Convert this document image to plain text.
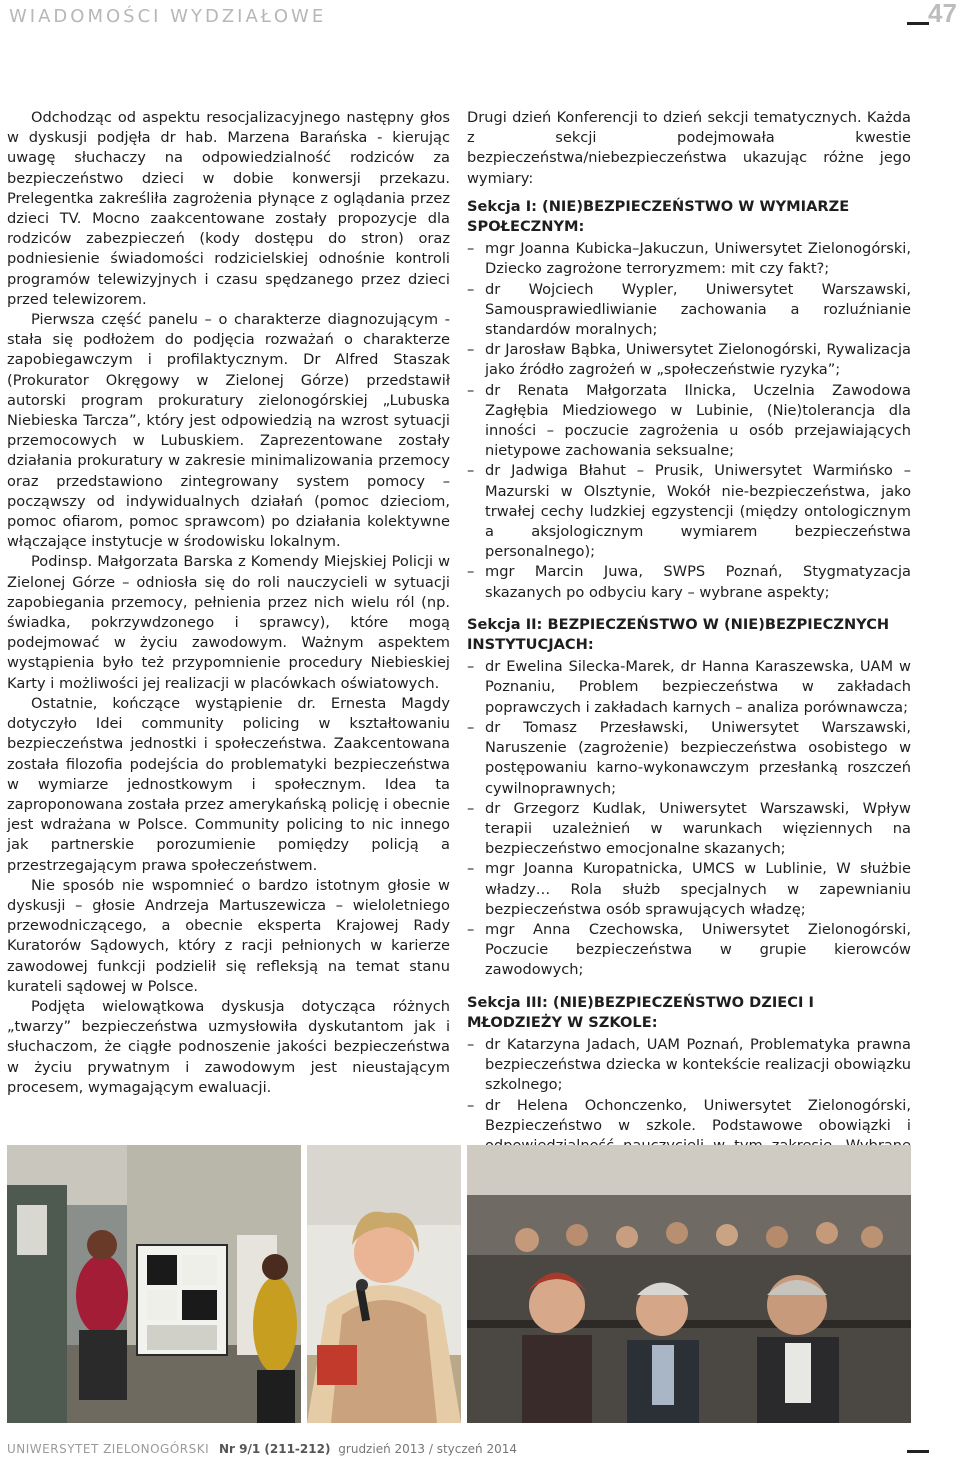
WIADOMOŚCI WYDZIAŁOWE	47

Odchodząc od aspektu resocjalizacyjnego następny głos w dyskusji podjęła dr hab. Marzena Barańska - kierując uwagę słuchaczy na odpowiedzialność rodziców za bezpieczeństwo dzieci w dobie konwersji przekazu. Prelegentka zakreśliła zagrożenia płynące z oglądania przez dzieci TV. Mocno zaakcentowane zostały propozycje dla rodziców zabezpieczeń (kody dostępu do stron) oraz podniesienie świadomości rodzicielskiej odnośnie kontroli programów telewizyjnych i czasu spędzanego przez dzieci przed telewizorem.

Pierwsza część panelu – o charakterze diagnozującym - stała się podłożem do podjęcia rozważań o charakterze zapobiegawczym i profilaktycznym. Dr Alfred Staszak (Prokurator Okręgowy w Zielonej Górze) przedstawił autorski program prokuratury zielonogórskiej „Lubuska Niebieska Tarcza”, który jest odpowiedzią na wzrost sytuacji przemocowych w Lubuskiem. Zaprezentowane zostały działania prokuratury w zakresie minimalizowania przemocy oraz przedstawiono zintegrowany system pomocy – począwszy od indywidualnych działań (pomoc dzieciom, pomoc ofiarom, pomoc sprawcom) po działania kolektywne włączające instytucje w środowisku lokalnym.

Podinsp. Małgorzata Barska z Komendy Miejskiej Policji w Zielonej Górze – odniosła się do roli nauczycieli w sytuacji zapobiegania przemocy, pełnienia przez nich wielu ról (np. świadka, pokrzywdzonego i sprawcy), które mogą podejmować w życiu zawodowym. Ważnym aspektem wystąpienia było też przypomnienie procedury Niebieskiej Karty i możliwości jej realizacji w placówkach oświatowych.

Ostatnie, kończące wystąpienie dr. Ernesta Magdy dotyczyło Idei community policing w kształtowaniu bezpieczeństwa jednostki i społeczeństwa. Zaakcentowana została filozofia podejścia do problematyki bezpieczeństwa w wymiarze jednostkowym i społecznym. Idea ta zaproponowana została przez amerykańską policję i obecnie jest wdrażana w Polsce. Community policing to nic innego jak partnerskie porozumienie pomiędzy policją a przestrzegającym prawa społeczeństwem.

Nie sposób nie wspomnieć o bardzo istotnym głosie w dyskusji – głosie Andrzeja Martuszewicza – wieloletniego przewodniczącego, a obecnie eksperta Krajowej Rady Kuratorów Sądowych, który z racji pełnionych w karierze zawodowej funkcji podzielił się refleksją na temat stanu kurateli sądowej w Polsce.

Podjęta wielowątkowa dyskusja dotycząca różnych „twarzy” bezpieczeństwa uzmysłowiła dyskutantom jak i słuchaczom, że ciągłe podnoszenie jakości bezpieczeństwa w życiu prywatnym i zawodowym jest nieustającym procesem, wymagającym ewaluacji.

Drugi dzień Konferencji to dzień sekcji tematycznych. Każda z sekcji podejmowała kwestie bezpieczeństwa/niebezpieczeństwa ukazując różne jego wymiary:

Sekcja I: (NIE)BEZPIECZEŃSTWO W WYMIARZE SPOŁECZNYM:
– mgr Joanna Kubicka–Jakuczun, Uniwersytet Zielonogórski, Dziecko zagrożone terroryzmem: mit czy fakt?;
– dr Wojciech Wypler, Uniwersytet Warszawski, Samousprawiedliwianie zachowania a rozluźnianie standardów moralnych;
– dr Jarosław Bąbka, Uniwersytet Zielonogórski, Rywalizacja jako źródło zagrożeń w „społeczeństwie ryzyka”;
– dr Renata Małgorzata Ilnicka, Uczelnia Zawodowa Zagłębia Miedziowego w Lubinie, (Nie)tolerancja dla inności – poczucie zagrożenia u osób przejawiających nietypowe zachowania seksualne;
– dr Jadwiga Błahut – Prusik, Uniwersytet Warmińsko – Mazurski w Olsztynie, Wokół nie-bezpieczeństwa, jako trwałej cechy ludzkiej egzystencji (między ontologicznym a aksjologicznym wymiarem bezpieczeństwa personalnego);
– mgr Marcin Juwa, SWPS Poznań, Stygmatyzacja skazanych po odbyciu kary – wybrane aspekty;
Sekcja II: BEZPIECZEŃSTWO W (NIE)BEZPIECZNYCH INSTYTUCJACH:
– dr Ewelina Silecka-Marek, dr Hanna Karaszewska, UAM w Poznaniu, Problem bezpieczeństwa w zakładach poprawczych i zakładach karnych – analiza porównawcza;
– dr Tomasz Przesławski, Uniwersytet Warszawski, Naruszenie (zagrożenie) bezpieczeństwa osobistego w postępowaniu karno-wykonawczym przesłanką roszczeń cywilnoprawnych;
– dr Grzegorz Kudlak, Uniwersytet Warszawski, Wpływ terapii uzależnień w warunkach więziennych na bezpieczeństwo emocjonalne skazanych;
– mgr Joanna Kuropatnicka, UMCS w Lublinie, W służbie władzy… Rola służb specjalnych w zapewnianiu bezpieczeństwa osób sprawujących władzę;
– mgr Anna Czechowska, Uniwersytet Zielonogórski, Poczucie bezpieczeństwa w grupie kierowców zawodowych;
Sekcja III: (NIE)BEZPIECZEŃSTWO DZIECI I MŁODZIEŻY W SZKOLE:
– dr Katarzyna Jadach, UAM Poznań, Problematyka prawna bezpieczeństwa dziecka w kontekście realizacji obowiązku szkolnego;
– dr Helena Ochonczenko, Uniwersytet Zielonogórski, Bezpieczeństwo w szkole. Podstawowe obowiązki i
UNIWERSYTET ZIELONOGÓRSKI Nr 9/1 (211-212) grudzień 2013 / styczeń 2014
